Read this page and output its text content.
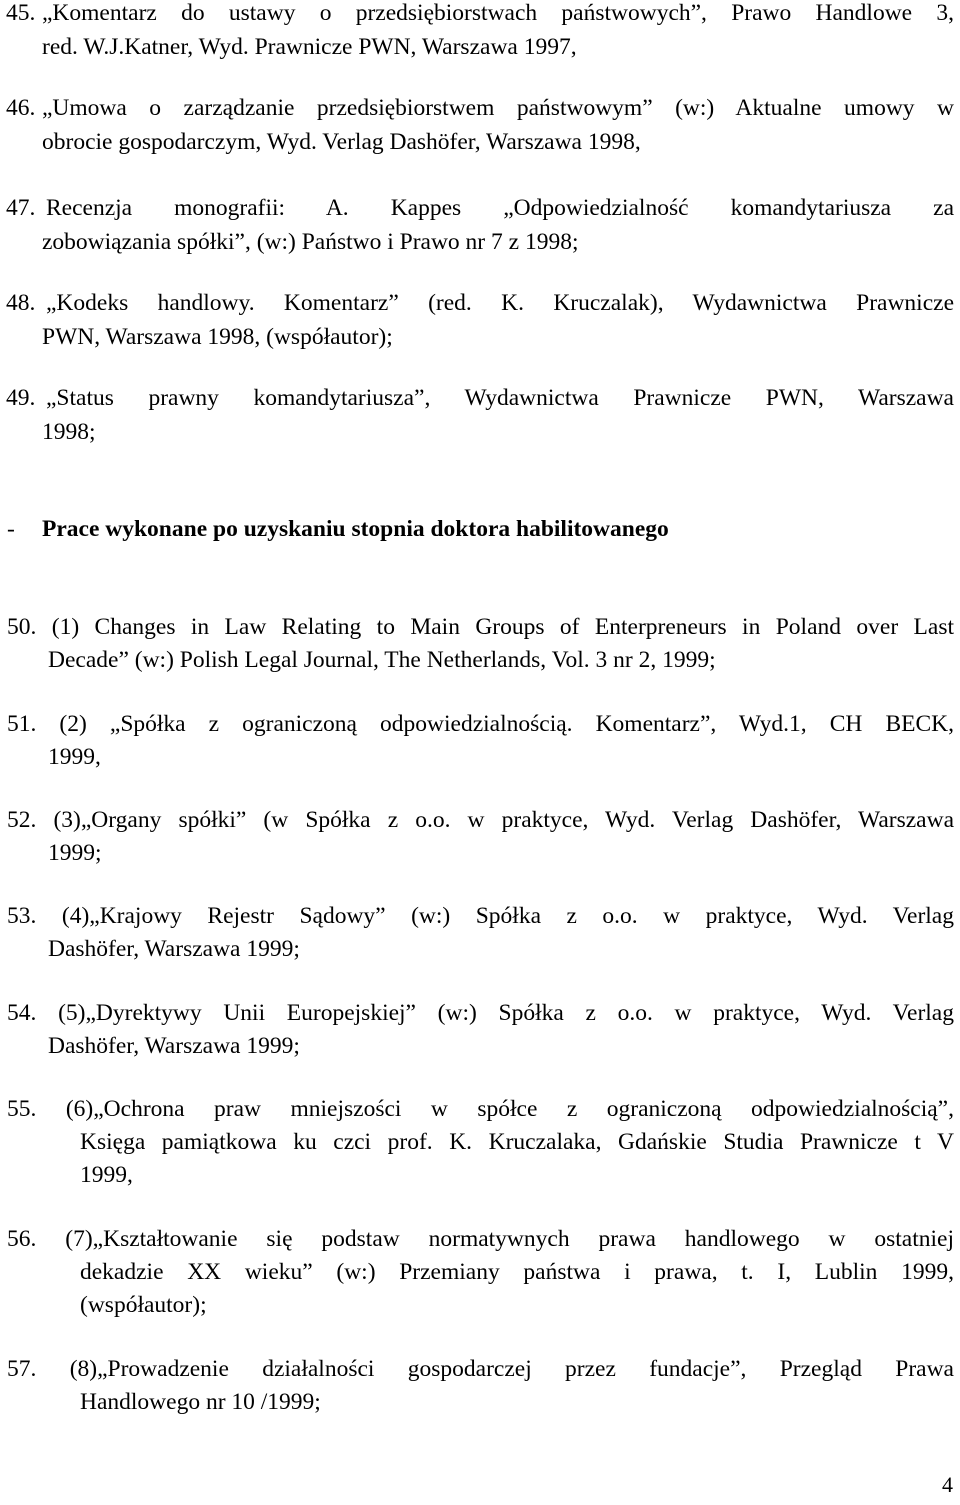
45. „Komentarz do ustawy o przedsiębiorstwach państwowych”, Prawo Handlowe 3,
red. W.J.Katner, Wyd. Prawnicze PWN, Warszawa 1997,
46. „Umowa o zarządzanie przedsiębiorstwem państwowym” (w:) Aktualne umowy w
obrocie gospodarczym, Wyd. Verlag Dashöfer, Warszawa 1998,
47. Recenzja monografii: A. Kappes „Odpowiedzialność komandytariusza za
zobowiązania spółki”, (w:) Państwo i Prawo nr 7 z 1998;
48. „Kodeks handlowy. Komentarz” (red. K. Kruczalak), Wydawnictwa Prawnicze
PWN, Warszawa 1998, (współautor);
49. „Status prawny komandytariusza”, Wydawnictwa Prawnicze PWN, Warszawa
1998;
- Prace wykonane po uzyskaniu stopnia doktora habilitowanego
50. (1) Changes in Law Relating to Main Groups of Enterpreneurs in Poland over Last
Decade” (w:) Polish Legal Journal, The Netherlands, Vol. 3 nr 2, 1999;
51. (2) „Spółka z ograniczoną odpowiedzialnością. Komentarz”, Wyd.1, CH BECK,
1999,
52. (3)„Organy spółki” (w Spółka z o.o. w praktyce, Wyd. Verlag Dashöfer, Warszawa
1999;
53. (4)„Krajowy Rejestr Sądowy” (w:) Spółka z o.o. w praktyce, Wyd. Verlag
Dashöfer, Warszawa 1999;
54. (5)„Dyrektywy Unii Europejskiej” (w:) Spółka z o.o. w praktyce, Wyd. Verlag
Dashöfer, Warszawa 1999;
55. (6)„Ochrona praw mniejszości w spółce z ograniczoną odpowiedzialnością”,
Księga pamiątkowa ku czci prof. K. Kruczalaka, Gdańskie Studia Prawnicze t V
1999,
56. (7)„Kształtowanie się podstaw normatywnych prawa handlowego w ostatniej
dekadzie XX wieku” (w:) Przemiany państwa i prawa, t. I, Lublin 1999,
(współautor);
57. (8)„Prowadzenie działalności gospodarczej przez fundacje”, Przegląd Prawa
Handlowego nr 10 /1999;
4
